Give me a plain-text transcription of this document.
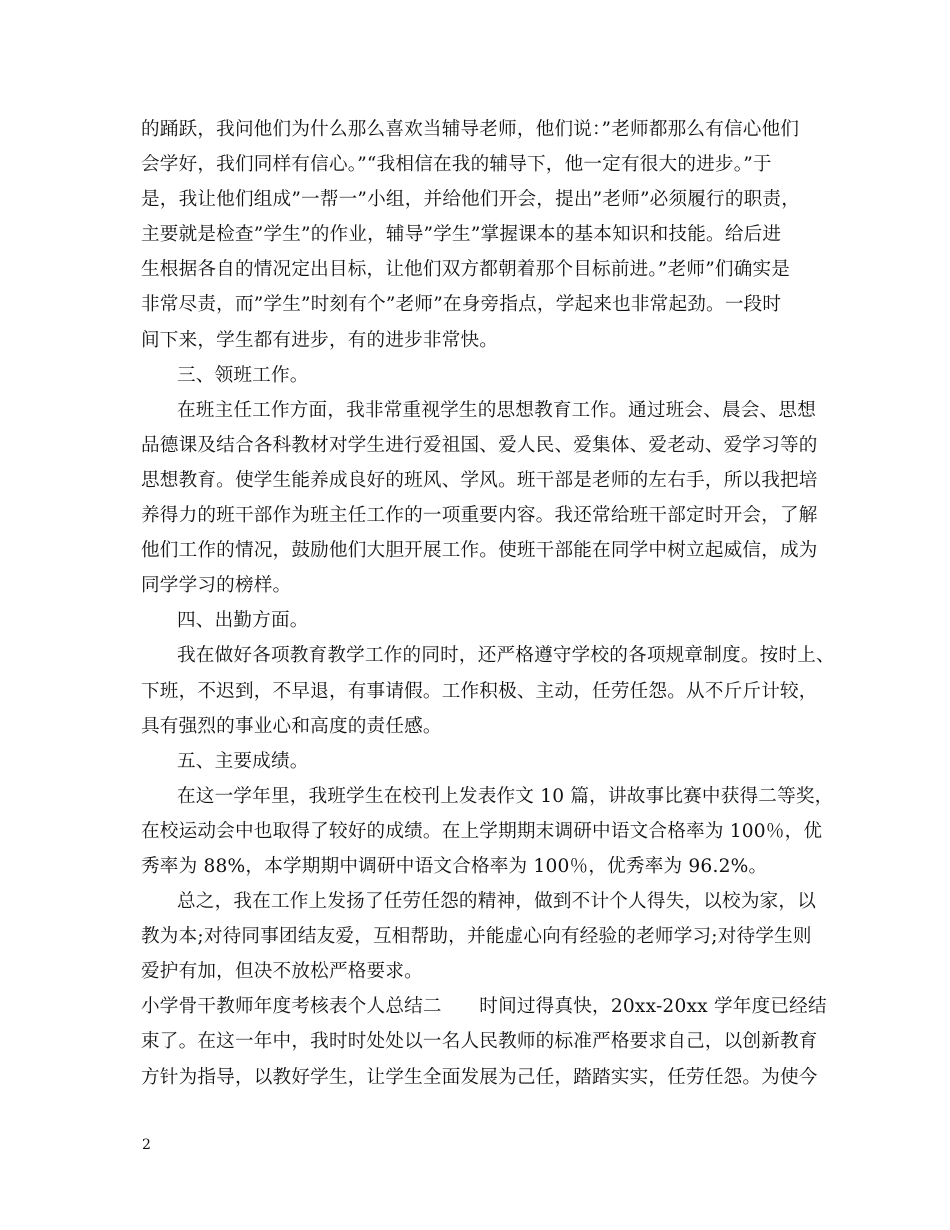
的踊跃，我问他们为什么那么喜欢当辅导老师，他们说：”老师都那么有信心他们
会学好，我们同样有信心。”“我相信在我的辅导下，他一定有很大的进步。”于
是，我让他们组成”一帮一”小组，并给他们开会，提出”老师”必须履行的职责，
主要就是检查”学生”的作业，辅导”学生”掌握课本的基本知识和技能。给后进
生根据各自的情况定出目标，让他们双方都朝着那个目标前进。”老师”们确实是
非常尽责，而”学生”时刻有个”老师”在身旁指点，学起来也非常起劲。一段时
间下来，学生都有进步，有的进步非常快。
三、领班工作。
在班主任工作方面，我非常重视学生的思想教育工作。通过班会、晨会、思想
品德课及结合各科教材对学生进行爱祖国、爱人民、爱集体、爱老动、爱学习等的
思想教育。使学生能养成良好的班风、学风。班干部是老师的左右手，所以我把培
养得力的班干部作为班主任工作的一项重要内容。我还常给班干部定时开会，了解
他们工作的情况，鼓励他们大胆开展工作。使班干部能在同学中树立起威信，成为
同学学习的榜样。
四、出勤方面。
我在做好各项教育教学工作的同时，还严格遵守学校的各项规章制度。按时上、
下班，不迟到，不早退，有事请假。工作积极、主动，任劳任怨。从不斤斤计较，
具有强烈的事业心和高度的责任感。
五、主要成绩。
在这一学年里，我班学生在校刊上发表作文 10 篇，讲故事比赛中获得二等奖，
在校运动会中也取得了较好的成绩。在上学期期末调研中语文合格率为 100％，优
秀率为 88%，本学期期中调研中语文合格率为 100％，优秀率为 96.2%。
总之，我在工作上发扬了任劳任怨的精神，做到不计个人得失，以校为家，以
教为本;对待同事团结友爱，互相帮助，并能虚心向有经验的老师学习;对待学生则
爱护有加，但决不放松严格要求。
小学骨干教师年度考核表个人总结二　　时间过得真快，20xx-20xx 学年度已经结
束了。在这一年中，我时时处处以一名人民教师的标准严格要求自己，以创新教育
方针为指导，以教好学生，让学生全面发展为己任，踏踏实实，任劳任怨。为使今
2
